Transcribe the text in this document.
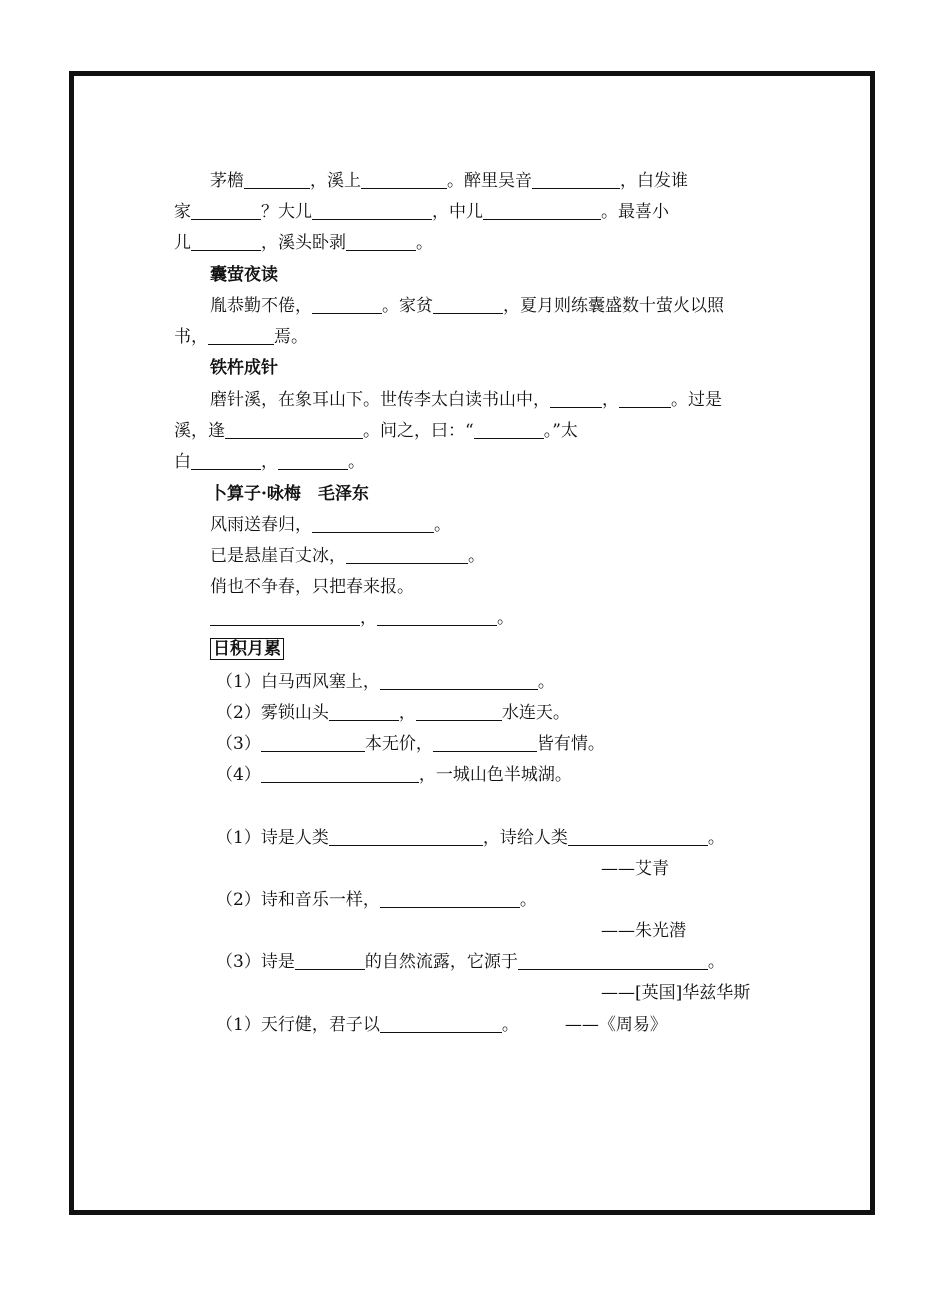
茅檐	，溪上	。醉里吴音	，白发谁
家	？大儿	，中儿	。最喜小
儿	，溪头卧剥	。
囊萤夜读
胤恭勤不倦，	。家贫	，夏月则练囊盛数十萤火以照
书，	焉。
铁杵成针
磨针溪，在象耳山下。世传李太白读书山中，	，	。过是
溪，逢	。问之，曰：“	。”太
白	，	。
卜算子·咏梅　毛泽东
风雨送春归，	。
已是悬崖百丈冰，	。
俏也不争春，只把春来报。
，	。
日积月累
（1）白马西风塞上，	。
（2）雾锁山头	，	水连天。
（3）	本无价，	皆有情。
（4）	，一城山色半城湖。
（1）诗是人类	，诗给人类	。
——艾青
（2）诗和音乐一样，	。
——朱光潜
（3）诗是	的自然流露，它源于	。
——[英国]华兹华斯
（1）天行健，君子以	。	——《周易》
